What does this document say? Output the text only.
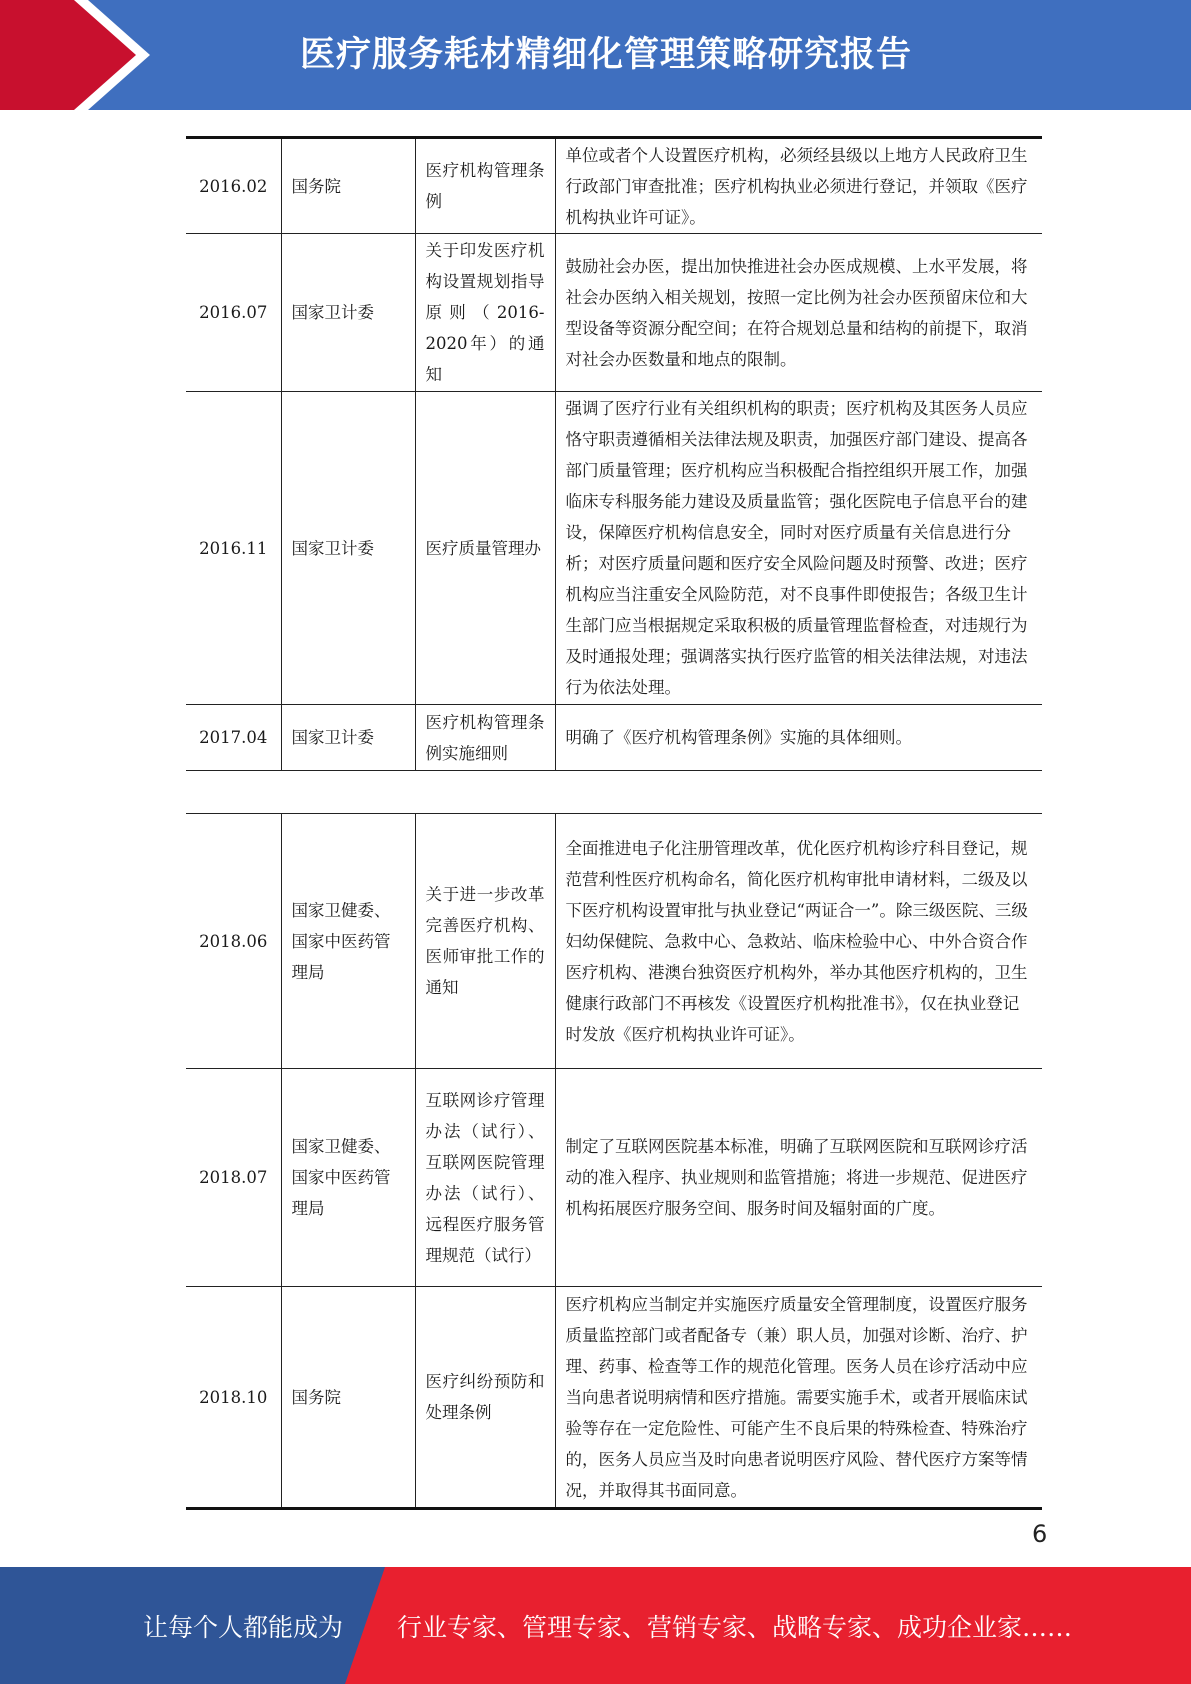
医疗服务耗材精细化管理策略研究报告
2016.02	国务院	医疗机构管理条例	单位或者个人设置医疗机构，必须经县级以上地方人民政府卫生行政部门审查批准；医疗机构执业必须进行登记，并领取《医疗机构执业许可证》。
2016.07	国家卫计委	关于印发医疗机构设置规划指导原则（2016-2020年）的通知	鼓励社会办医，提出加快推进社会办医成规模、上水平发展，将社会办医纳入相关规划，按照一定比例为社会办医预留床位和大型设备等资源分配空间；在符合规划总量和结构的前提下，取消对社会办医数量和地点的限制。
2016.11	国家卫计委	医疗质量管理办	强调了医疗行业有关组织机构的职责；医疗机构及其医务人员应恪守职责遵循相关法律法规及职责，加强医疗部门建设、提高各部门质量管理；医疗机构应当积极配合指控组织开展工作，加强临床专科服务能力建设及质量监管；强化医院电子信息平台的建设，保障医疗机构信息安全，同时对医疗质量有关信息进行分析；对医疗质量问题和医疗安全风险问题及时预警、改进；医疗机构应当注重安全风险防范，对不良事件即使报告；各级卫生计生部门应当根据规定采取积极的质量管理监督检查，对违规行为及时通报处理；强调落实执行医疗监管的相关法律法规，对违法行为依法处理。
2017.04	国家卫计委	医疗机构管理条例实施细则	明确了《医疗机构管理条例》实施的具体细则。
2018.06	国家卫健委、国家中医药管理局	关于进一步改革完善医疗机构、医师审批工作的通知	全面推进电子化注册管理改革，优化医疗机构诊疗科目登记，规范营利性医疗机构命名，简化医疗机构审批申请材料，二级及以下医疗机构设置审批与执业登记“两证合一”。除三级医院、三级妇幼保健院、急救中心、急救站、临床检验中心、中外合资合作医疗机构、港澳台独资医疗机构外，举办其他医疗机构的，卫生健康行政部门不再核发《设置医疗机构批准书》，仅在执业登记时发放《医疗机构执业许可证》。
2018.07	国家卫健委、国家中医药管理局	互联网诊疗管理办法（试行）、互联网医院管理办法（试行）、远程医疗服务管理规范（试行）	制定了互联网医院基本标准，明确了互联网医院和互联网诊疗活动的准入程序、执业规则和监管措施；将进一步规范、促进医疗机构拓展医疗服务空间、服务时间及辐射面的广度。
2018.10	国务院	医疗纠纷预防和处理条例	医疗机构应当制定并实施医疗质量安全管理制度，设置医疗服务质量监控部门或者配备专（兼）职人员，加强对诊断、治疗、护理、药事、检查等工作的规范化管理。医务人员在诊疗活动中应当向患者说明病情和医疗措施。需要实施手术，或者开展临床试验等存在一定危险性、可能产生不良后果的特殊检查、特殊治疗的，医务人员应当及时向患者说明医疗风险、替代医疗方案等情况，并取得其书面同意。
6
让每个人都能成为 行业专家、管理专家、营销专家、战略专家、成功企业家……
